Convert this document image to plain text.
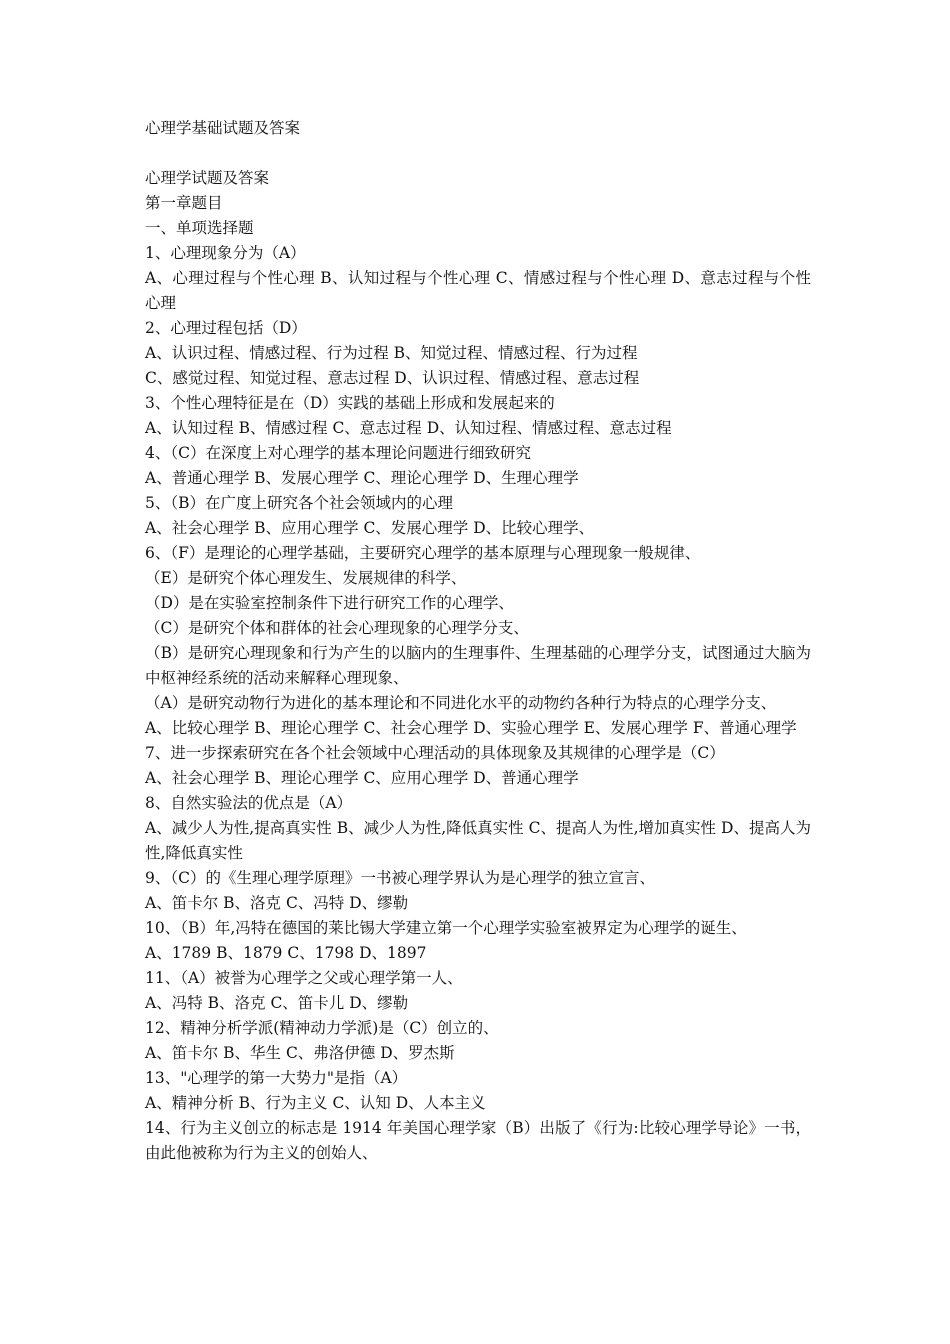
心理学基础试题及答案

心理学试题及答案

第一章题目

一、单项选择题

1、心理现象分为（A）

A、心理过程与个性心理 B、认知过程与个性心理 C、情感过程与个性心理 D、意志过程与个性心理

2、心理过程包括（D）

A、认识过程、情感过程、行为过程 B、知觉过程、情感过程、行为过程

C、感觉过程、知觉过程、意志过程 D、认识过程、情感过程、意志过程

3、个性心理特征是在（D）实践的基础上形成和发展起来的

A、认知过程 B、情感过程 C、意志过程 D、认知过程、情感过程、意志过程

4、（C）在深度上对心理学的基本理论问题进行细致研究

A、普通心理学 B、发展心理学 C、理论心理学 D、生理心理学

5、（B）在广度上研究各个社会领域内的心理

A、社会心理学 B、应用心理学 C、发展心理学 D、比较心理学、

6、（F）是理论的心理学基础，主要研究心理学的基本原理与心理现象一般规律、

（E）是研究个体心理发生、发展规律的科学、

（D）是在实验室控制条件下进行研究工作的心理学、

（C）是研究个体和群体的社会心理现象的心理学分支、

（B）是研究心理现象和行为产生的以脑内的生理事件、生理基础的心理学分支，试图通过大脑为中枢神经系统的活动来解释心理现象、

（A）是研究动物行为进化的基本理论和不同进化水平的动物约各种行为特点的心理学分支、

A、比较心理学 B、理论心理学 C、社会心理学 D、实验心理学 E、发展心理学 F、普通心理学

7、进一步探索研究在各个社会领域中心理活动的具体现象及其规律的心理学是（C）

A、社会心理学 B、理论心理学 C、应用心理学 D、普通心理学

8、自然实验法的优点是（A）

A、减少人为性,提高真实性 B、减少人为性,降低真实性 C、提高人为性,增加真实性 D、提高人为性,降低真实性

9、（C）的《生理心理学原理》一书被心理学界认为是心理学的独立宣言、

A、笛卡尔 B、洛克 C、冯特 D、缪勒

10、（B）年,冯特在德国的莱比锡大学建立第一个心理学实验室被界定为心理学的诞生、

A、1789 B、1879 C、1798 D、1897

11、（A）被誉为心理学之父或心理学第一人、

A、冯特 B、洛克 C、笛卡儿 D、缪勒

12、精神分析学派(精神动力学派)是（C）创立的、

A、笛卡尔 B、华生 C、弗洛伊德 D、罗杰斯

13、"心理学的第一大势力"是指（A）

A、精神分析 B、行为主义 C、认知 D、人本主义

14、行为主义创立的标志是 1914 年美国心理学家（B）出版了《行为:比较心理学导论》一书，由此他被称为行为主义的创始人、
